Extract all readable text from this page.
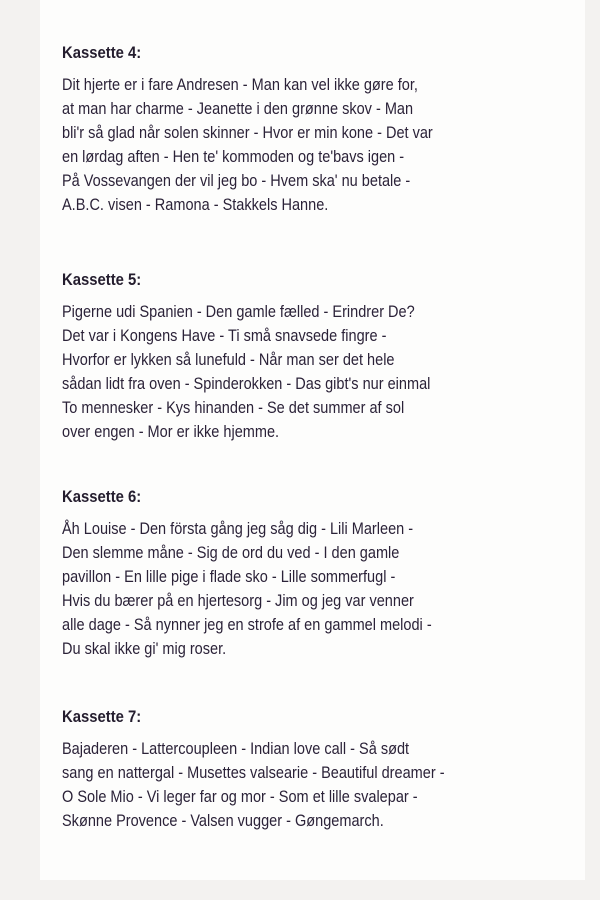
Kassette 4:
Dit hjerte er i fare Andresen - Man kan vel ikke gøre for,
at man har charme - Jeanette i den grønne skov - Man
bli'r så glad når solen skinner - Hvor er min kone - Det var
en lørdag aften - Hen te' kommoden og te'bavs igen -
På Vossevangen der vil jeg bo - Hvem ska' nu betale -
A.B.C. visen - Ramona - Stakkels Hanne.
Kassette 5:
Pigerne udi Spanien - Den gamle fælled - Erindrer De?
Det var i Kongens Have - Ti små snavsede fingre -
Hvorfor er lykken så lunefuld - Når man ser det hele
sådan lidt fra oven - Spinderokken - Das gibt's nur einmal
To mennesker - Kys hinanden - Se det summer af sol
over engen - Mor er ikke hjemme.
Kassette 6:
Åh Louise - Den första gång jeg såg dig - Lili Marleen -
Den slemme måne - Sig de ord du ved - I den gamle
pavillon - En lille pige i flade sko - Lille sommerfugl -
Hvis du bærer på en hjertesorg - Jim og jeg var venner
alle dage - Så nynner jeg en strofe af en gammel melodi -
Du skal ikke gi' mig roser.
Kassette 7:
Bajaderen - Lattercoupleen - Indian love call - Så sødt
sang en nattergal - Musettes valsearie - Beautiful dreamer -
O Sole Mio - Vi leger far og mor - Som et lille svalepar -
Skønne Provence - Valsen vugger - Gøngemarch.
